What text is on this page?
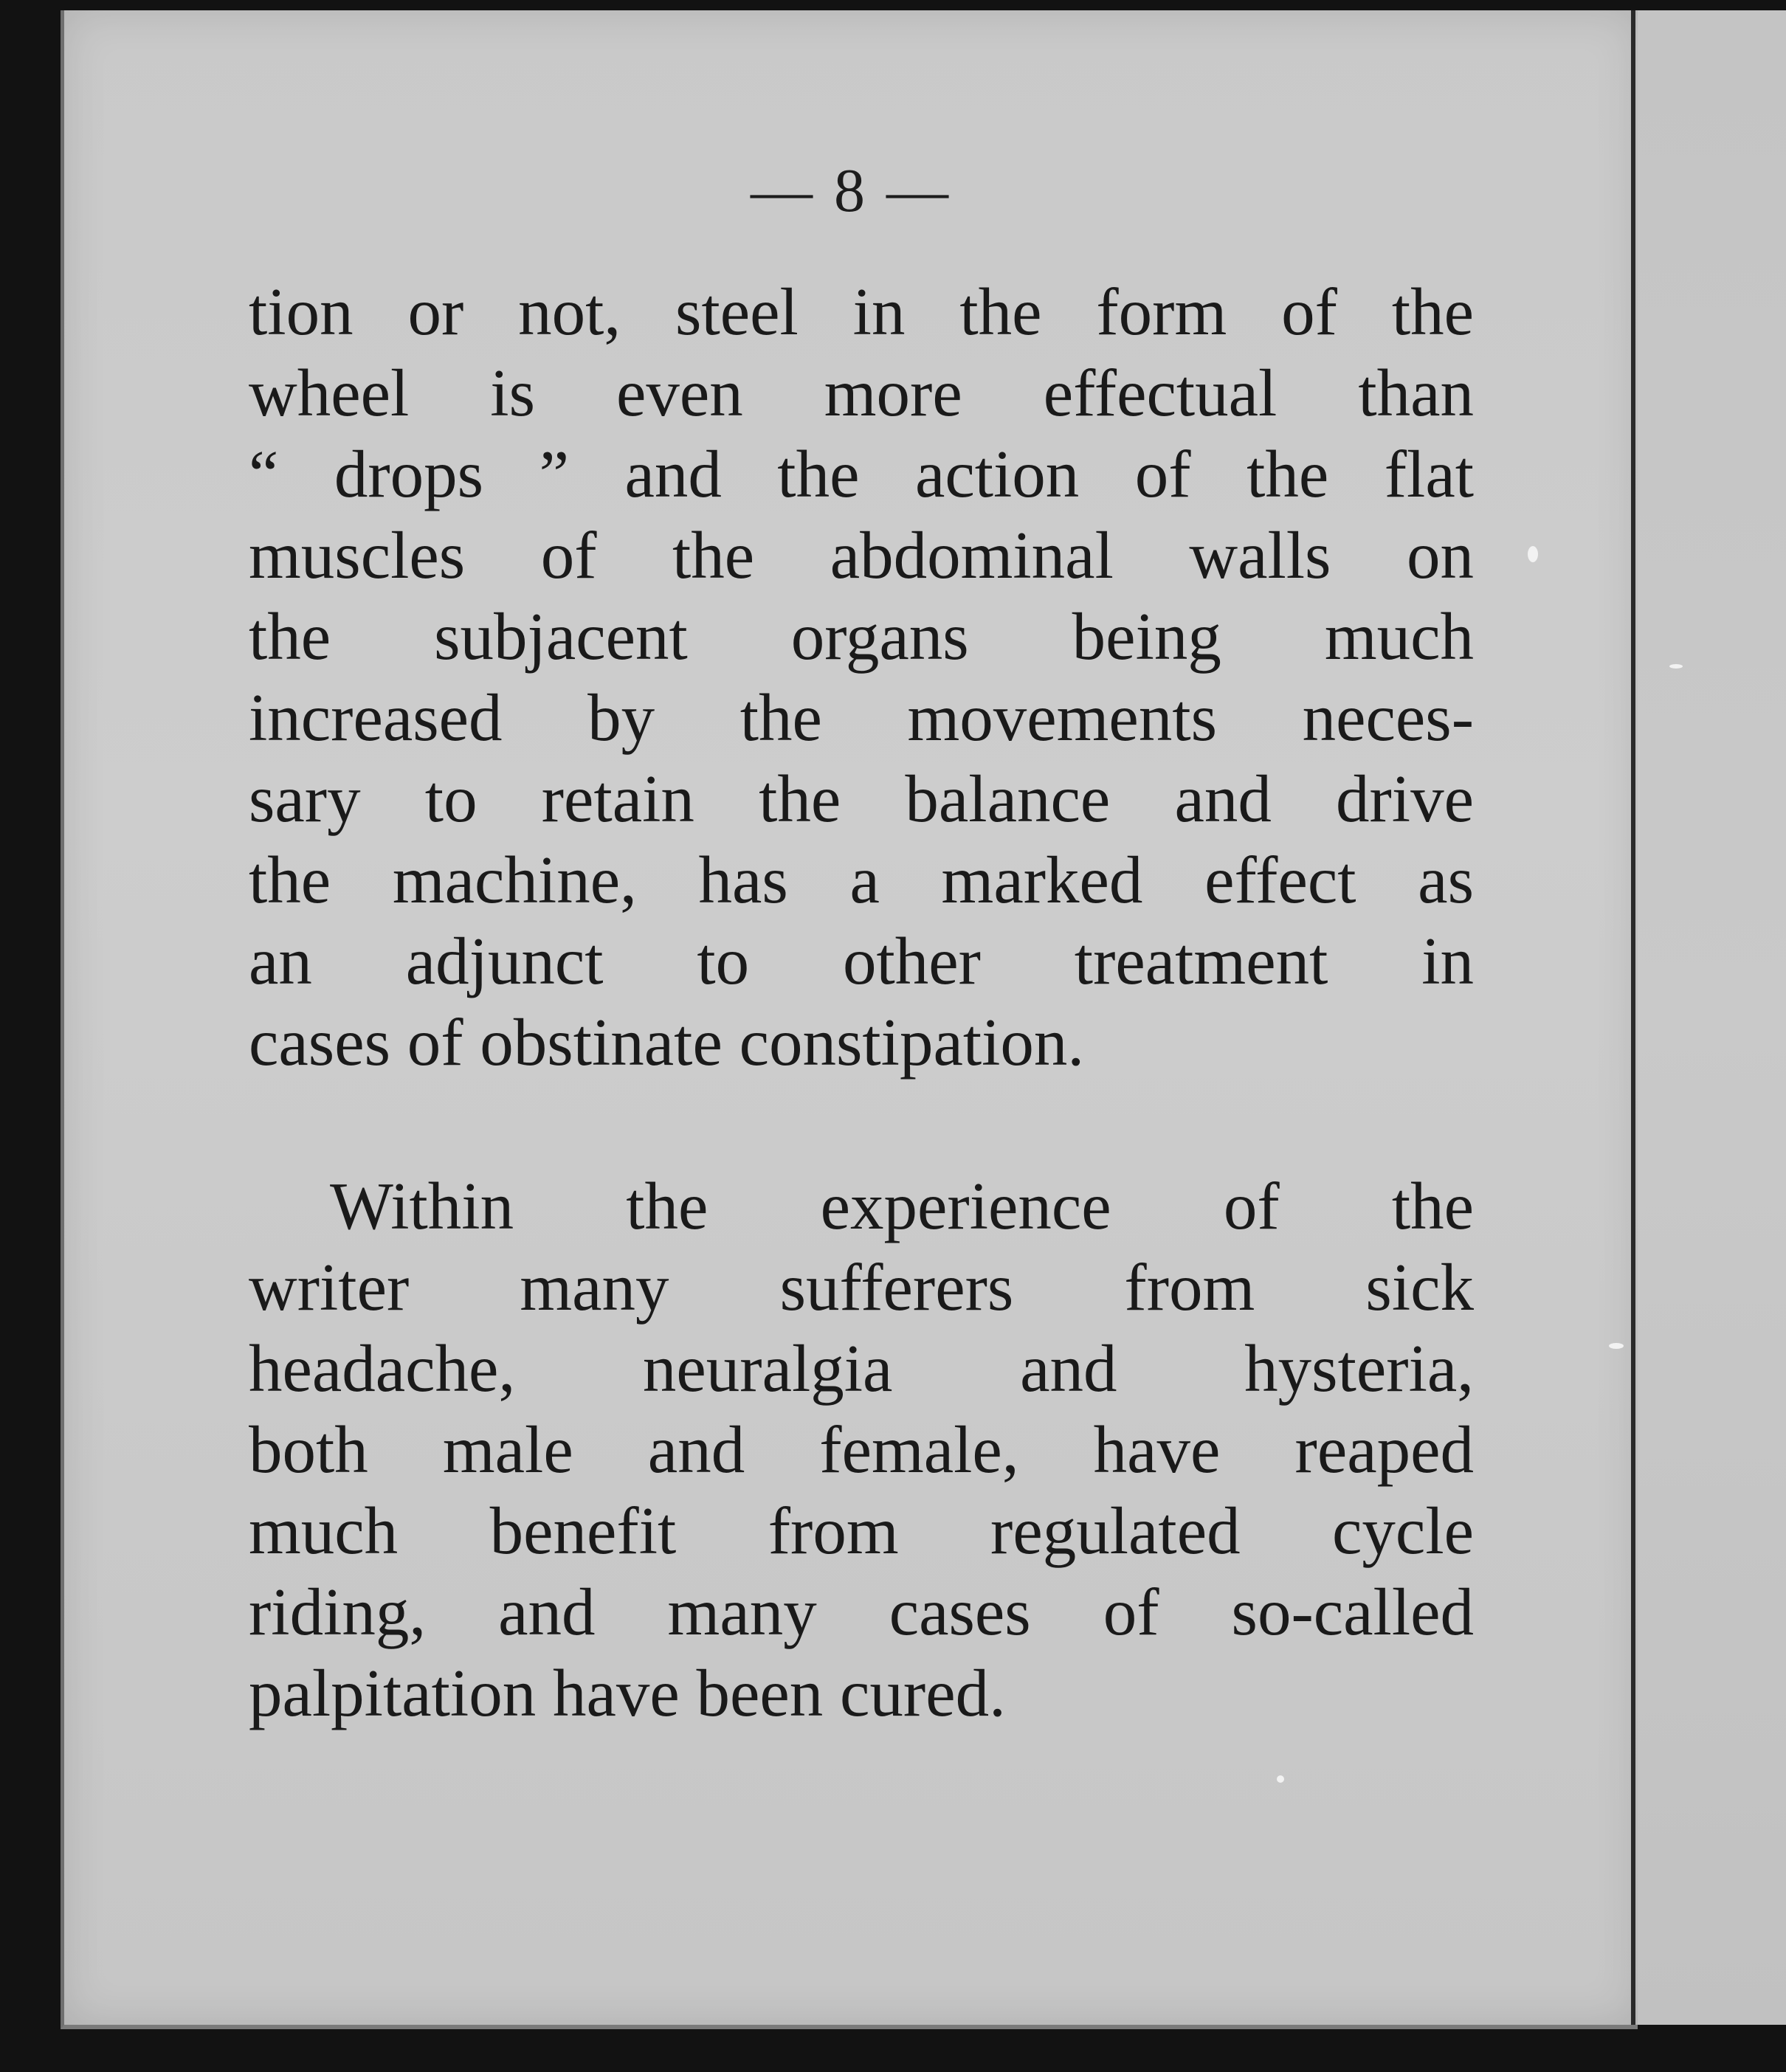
— 8 —
tion or not, steel in the form of the
wheel is even more effectual than
“ drops ” and the action of the flat
muscles of the abdominal walls on
the subjacent organs being much
increased by the movements neces-
sary to retain the balance and drive
the machine, has a marked effect as
an adjunct to other treatment in
cases of obstinate constipation.
Within the experience of the
writer many sufferers from sick
headache, neuralgia and hysteria,
both male and female, have reaped
much benefit from regulated cycle
riding, and many cases of so-called
palpitation have been cured.
